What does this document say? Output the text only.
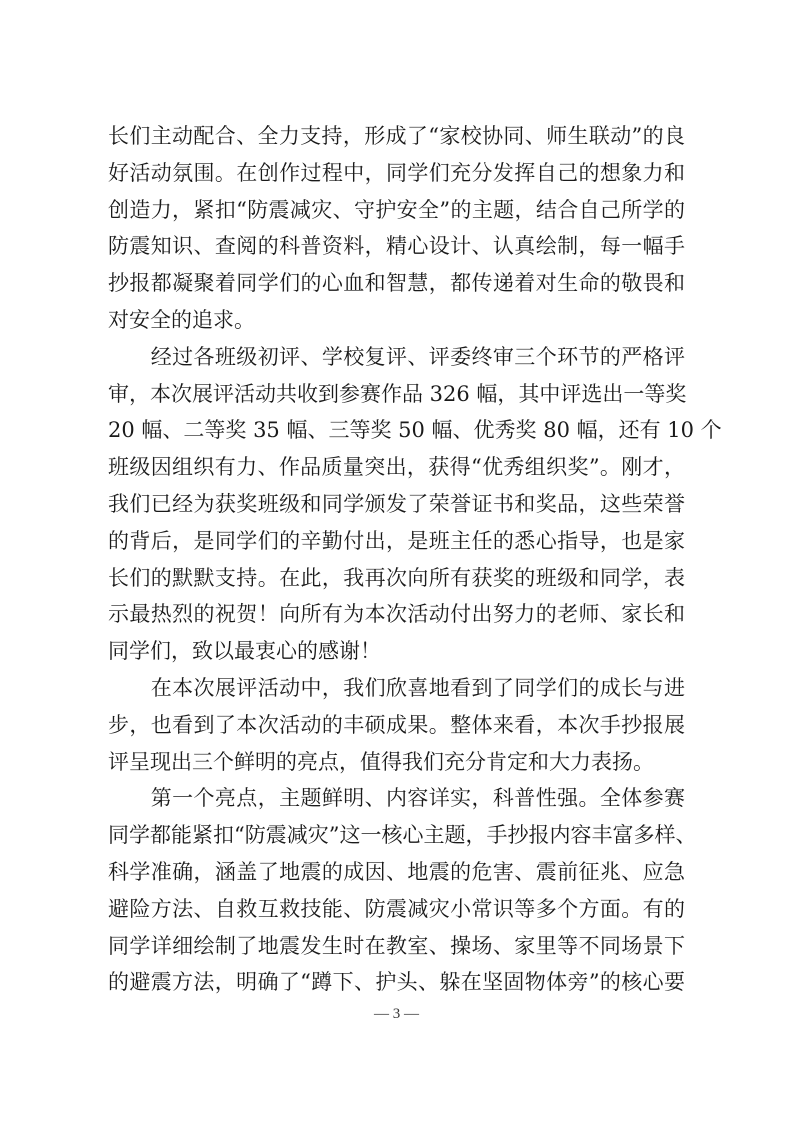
长们主动配合、全力支持，形成了“家校协同、师生联动”的良
好活动氛围。在创作过程中，同学们充分发挥自己的想象力和
创造力，紧扣“防震减灾、守护安全”的主题，结合自己所学的
防震知识、查阅的科普资料，精心设计、认真绘制，每一幅手
抄报都凝聚着同学们的心血和智慧，都传递着对生命的敬畏和
对安全的追求。
　　经过各班级初评、学校复评、评委终审三个环节的严格评
审，本次展评活动共收到参赛作品 326 幅，其中评选出一等奖
20 幅、二等奖 35 幅、三等奖 50 幅、优秀奖 80 幅，还有 10 个
班级因组织有力、作品质量突出，获得“优秀组织奖”。刚才，
我们已经为获奖班级和同学颁发了荣誉证书和奖品，这些荣誉
的背后，是同学们的辛勤付出，是班主任的悉心指导，也是家
长们的默默支持。在此，我再次向所有获奖的班级和同学，表
示最热烈的祝贺！向所有为本次活动付出努力的老师、家长和
同学们，致以最衷心的感谢！
　　在本次展评活动中，我们欣喜地看到了同学们的成长与进
步，也看到了本次活动的丰硕成果。整体来看，本次手抄报展
评呈现出三个鲜明的亮点，值得我们充分肯定和大力表扬。
　　第一个亮点，主题鲜明、内容详实，科普性强。全体参赛
同学都能紧扣“防震减灾”这一核心主题，手抄报内容丰富多样、
科学准确，涵盖了地震的成因、地震的危害、震前征兆、应急
避险方法、自救互救技能、防震减灾小常识等多个方面。有的
同学详细绘制了地震发生时在教室、操场、家里等不同场景下
的避震方法，明确了“蹲下、护头、躲在坚固物体旁”的核心要
— 3 —
